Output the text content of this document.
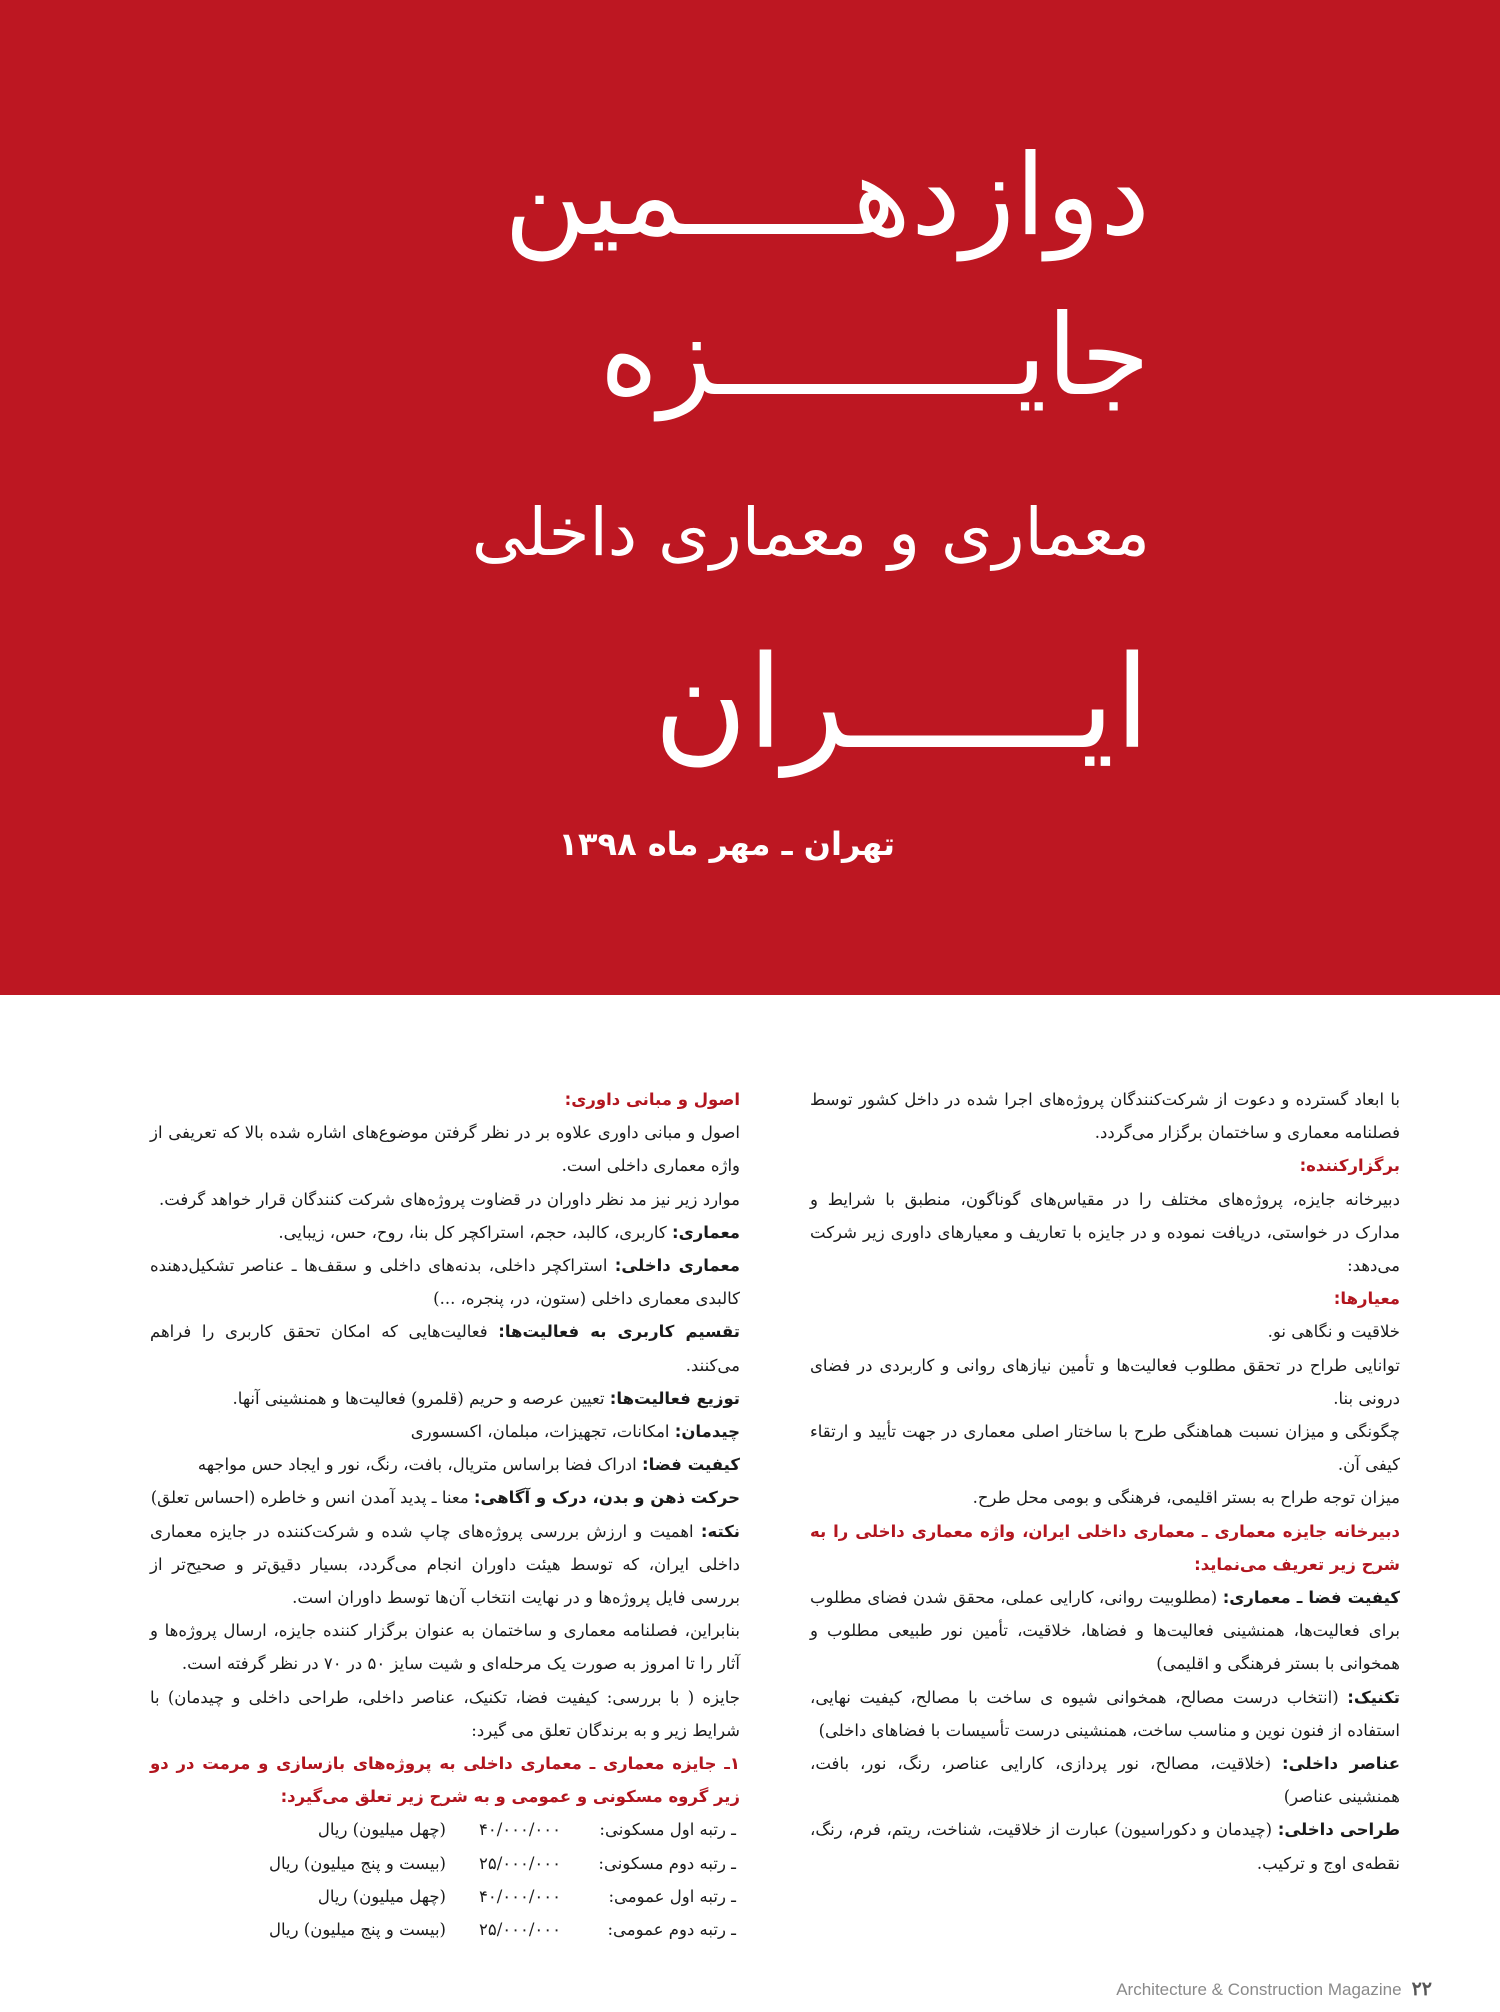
دوازدهـــــمین
جایـــــــــزه
معماری و معماری داخلی
ایــــــران
تهران ـ مهر ماه ۱۳۹۸

با ابعاد گسترده و دعوت از شرکت‌کنندگان پروژه‌های اجرا شده در داخل کشور توسط فصلنامه معماری و ساختمان برگزار می‌گردد.

برگزارکننده:

دبیرخانه جایزه، پروژه‌های مختلف را در مقیاس‌های گوناگون، منطبق با شرایط و مدارک در خواستی، دریافت نموده و در جایزه با تعاریف و معیارهای داوری زیر شرکت می‌دهد:

معیارها:

خلاقیت و نگاهی نو.

توانایی طراح در تحقق مطلوب فعالیت‌ها و تأمین نیازهای روانی و کاربردی در فضای درونی بنا.

چگونگی و میزان نسبت هماهنگی طرح با ساختار اصلی معماری در جهت تأیید و ارتقاء کیفی آن.

میزان توجه طراح به بستر اقلیمی، فرهنگی و بومی محل طرح.

دبیرخانه جایزه معماری ـ معماری داخلی ایران، واژه معماری داخلی را به شرح زیر تعریف می‌نماید:

کیفیت فضا ـ معماری: (مطلوبیت روانی، کارایی عملی، محقق شدن فضای مطلوب برای فعالیت‌ها، همنشینی فعالیت‌ها و فضاها، خلاقیت، تأمین نور طبیعی مطلوب و همخوانی با بستر فرهنگی و اقلیمی)

تکنیک: (انتخاب درست مصالح، همخوانی شیوه ی ساخت با مصالح، کیفیت نهایی، استفاده از فنون نوین و مناسب ساخت، همنشینی درست تأسیسات با فضاهای داخلی)

عناصر داخلی: (خلاقیت، مصالح، نور پردازی، کارایی عناصر، رنگ، نور، بافت، همنشینی عناصر)

طراحی داخلی: (چیدمان و دکوراسیون) عبارت از خلاقیت، شناخت، ریتم، فرم، رنگ، نقطه‌ی اوج و ترکیب.

اصول و مبانی داوری:

اصول و مبانی داوری علاوه بر در نظر گرفتن موضوع‌های اشاره شده بالا که تعریفی از واژه معماری داخلی است.

موارد زیر نیز مد نظر داوران در قضاوت پروژه‌های شرکت کنندگان قرار خواهد گرفت.

معماری: کاربری، کالبد، حجم، استراکچر کل بنا، روح، حس، زیبایی.

معماری داخلی: استراکچر داخلی، بدنه‌های داخلی و سقف‌ها ـ عناصر تشکیل‌دهنده کالبدی معماری داخلی (ستون، در، پنجره، ...)

تقسیم کاربری به فعالیت‌ها: فعالیت‌هایی که امکان تحقق کاربری را فراهم می‌کنند.

توزیع فعالیت‌ها: تعیین عرصه و حریم (قلمرو) فعالیت‌ها و همنشینی آنها.

چیدمان: امکانات، تجهیزات، مبلمان، اکسسوری

کیفیت فضا: ادراک فضا براساس متریال، بافت، رنگ، نور و ایجاد حس مواجهه

حرکت ذهن و بدن، درک و آگاهی: معنا ـ پدید آمدن انس و خاطره (احساس تعلق)

نکته: اهمیت و ارزش بررسی پروژه‌های چاپ شده و شرکت‌کننده در جایزه معماری داخلی ایران، که توسط هیئت داوران انجام می‌گردد، بسیار دقیق‌تر و صحیح‌تر از بررسی فایل پروژه‌ها و در نهایت انتخاب آن‌ها توسط داوران است.

بنابراین، فصلنامه معماری و ساختمان به عنوان برگزار کننده جایزه، ارسال پروژه‌ها و آثار را تا امروز به صورت یک مرحله‌ای و شیت سایز ۵۰ در ۷۰ در نظر گرفته است.

جایزه ( با بررسی: کیفیت فضا، تکنیک، عناصر داخلی، طراحی داخلی و چیدمان) با شرایط زیر و به برندگان تعلق می گیرد:

۱ـ جایزه معماری ـ معماری داخلی به پروژه‌های بازسازی و مرمت در دو زیر گروه مسکونی و عمومی و به شرح زیر تعلق می‌گیرد:

ـ رتبه اول مسکونی:۴۰/۰۰۰/۰۰۰(چهل میلیون) ریال

ـ رتبه دوم مسکونی:۲۵/۰۰۰/۰۰۰(بیست و پنج میلیون) ریال

ـ رتبه اول عمومی:۴۰/۰۰۰/۰۰۰(چهل میلیون) ریال

ـ رتبه دوم عمومی:۲۵/۰۰۰/۰۰۰(بیست و پنج میلیون) ریال

Architecture & Construction Magazine ۲۲
